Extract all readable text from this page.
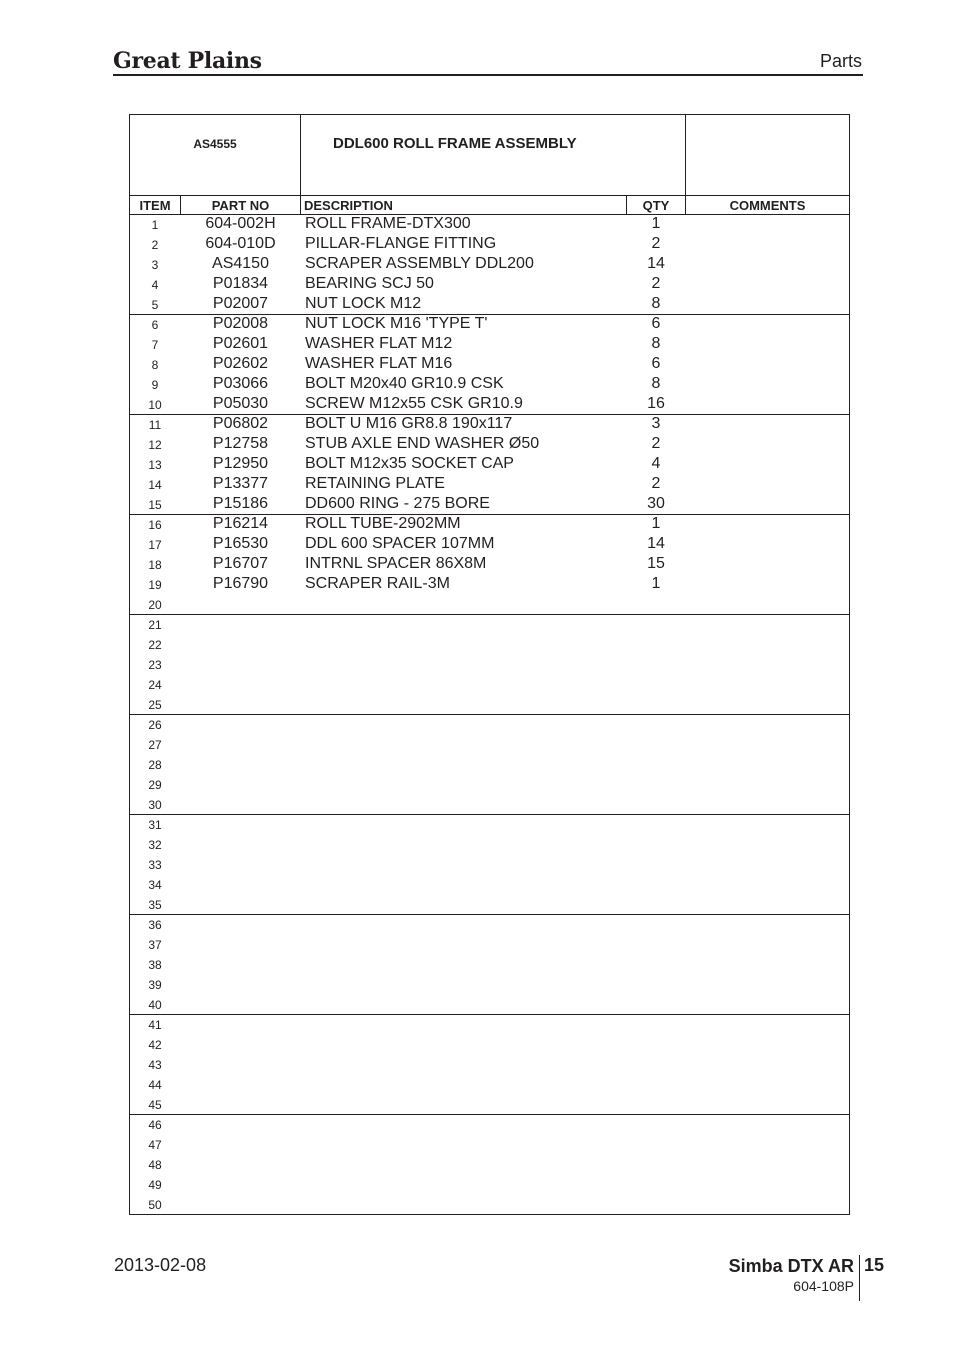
Great Plains	Parts
AS4555	DDL600 ROLL FRAME ASSEMBLY
ITEM	PART NO	DESCRIPTION	QTY	COMMENTS
1	604-002H	ROLL FRAME-DTX300	1
2	604-010D	PILLAR-FLANGE FITTING	2
3	AS4150	SCRAPER ASSEMBLY DDL200	14
4	P01834	BEARING SCJ 50	2
5	P02007	NUT LOCK M12	8
6	P02008	NUT LOCK M16 'TYPE T'	6
7	P02601	WASHER FLAT M12	8
8	P02602	WASHER FLAT M16	6
9	P03066	BOLT M20x40 GR10.9 CSK	8
10	P05030	SCREW M12x55 CSK GR10.9	16
11	P06802	BOLT U M16 GR8.8 190x117	3
12	P12758	STUB AXLE END WASHER Ø50	2
13	P12950	BOLT M12x35 SOCKET CAP	4
14	P13377	RETAINING PLATE	2
15	P15186	DD600 RING - 275 BORE	30
16	P16214	ROLL TUBE-2902MM	1
17	P16530	DDL 600 SPACER 107MM	14
18	P16707	INTRNL SPACER 86X8M	15
19	P16790	SCRAPER RAIL-3M	1
20
21
22
23
24
25
26
27
28
29
30
31
32
33
34
35
36
37
38
39
40
41
42
43
44
45
46
47
48
49
50
2013-02-08	Simba DTX AR 15
604-108P
